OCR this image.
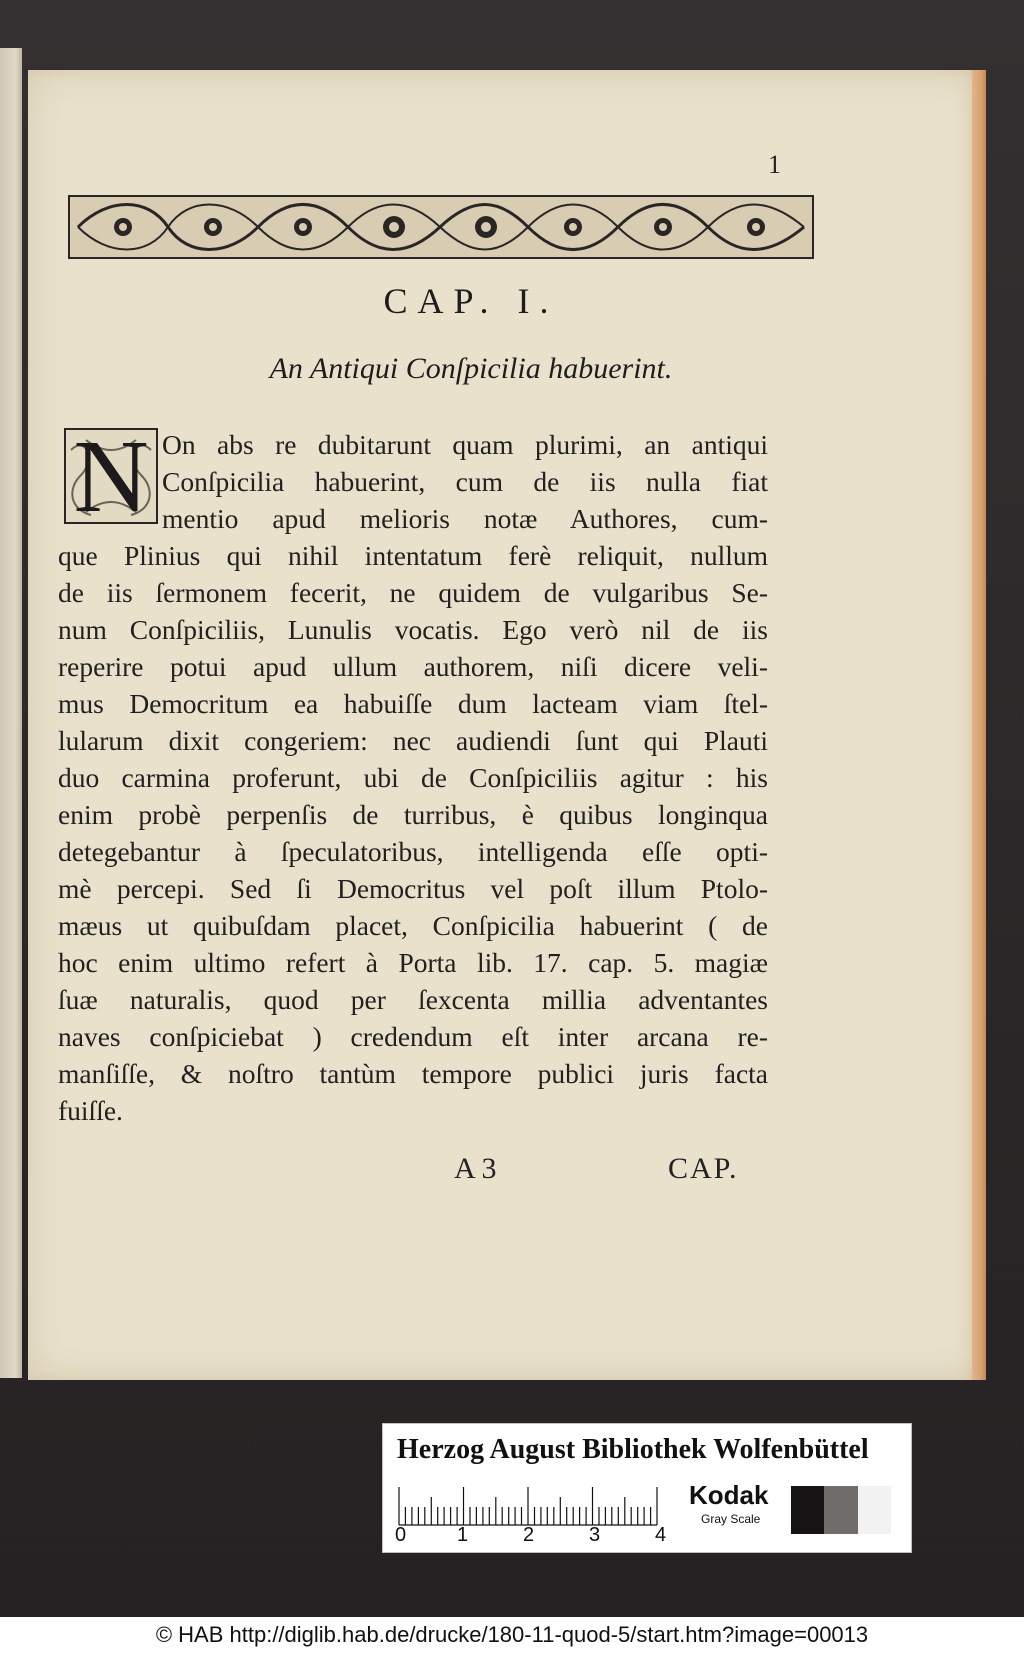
1
CAP. I.
An Antiqui Conſpicilia habuerint.
N On abs re dubitarunt quam plurimi, an antiqui
Conſpicilia habuerint, cum de iis nulla fiat
mentio apud melioris notæ Authores, cum-
que Plinius qui nihil intentatum ferè reliquit, nullum
de iis ſermonem fecerit, ne quidem de vulgaribus Se-
num Conſpiciliis, Lunulis vocatis. Ego verò nil de iis
reperire potui apud ullum authorem, niſi dicere veli-
mus Democritum ea habuiſſe dum lacteam viam ſtel-
lularum dixit congeriem: nec audiendi ſunt qui Plauti
duo carmina proferunt, ubi de Conſpiciliis agitur : his
enim probè perpenſis de turribus, è quibus longinqua
detegebantur à ſpeculatoribus, intelligenda eſſe opti-
mè percepi. Sed ſi Democritus vel poſt illum Ptolo-
mæus ut quibuſdam placet, Conſpicilia habuerint ( de
hoc enim ultimo refert à Porta lib. 17. cap. 5. magiæ
ſuæ naturalis, quod per ſexcenta millia adventantes
naves conſpiciebat ) credendum eſt inter arcana re-
manſiſſe, & noſtro tantùm tempore publici juris facta
fuiſſe.
A 3	CAP.
Herzog August Bibliothek Wolfenbüttel
0	1	2	3	4
Kodak
Gray Scale
© HAB http://diglib.hab.de/drucke/180-11-quod-5/start.htm?image=00013
